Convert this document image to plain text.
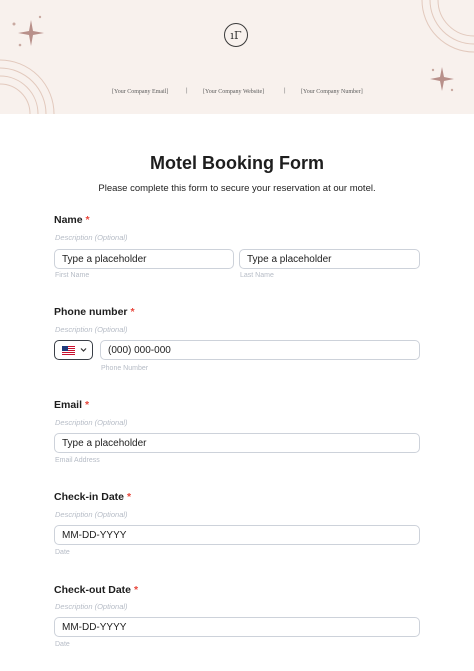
ıΓ
[Your Company Email]	|	[Your Company Website]	|	[Your Company Number]
Motel Booking Form
Please complete this form to secure your reservation at our motel.
Name *
Description (Optional)
Type a placeholder
First Name
Type a placeholder
Last Name
Phone number *
Description (Optional)
(000) 000-000
Phone Number
Email *
Description (Optional)
Type a placeholder
Email Address
Check-in Date *
Description (Optional)
MM-DD-YYYY
Date
Check-out Date *
Description (Optional)
MM-DD-YYYY
Date
